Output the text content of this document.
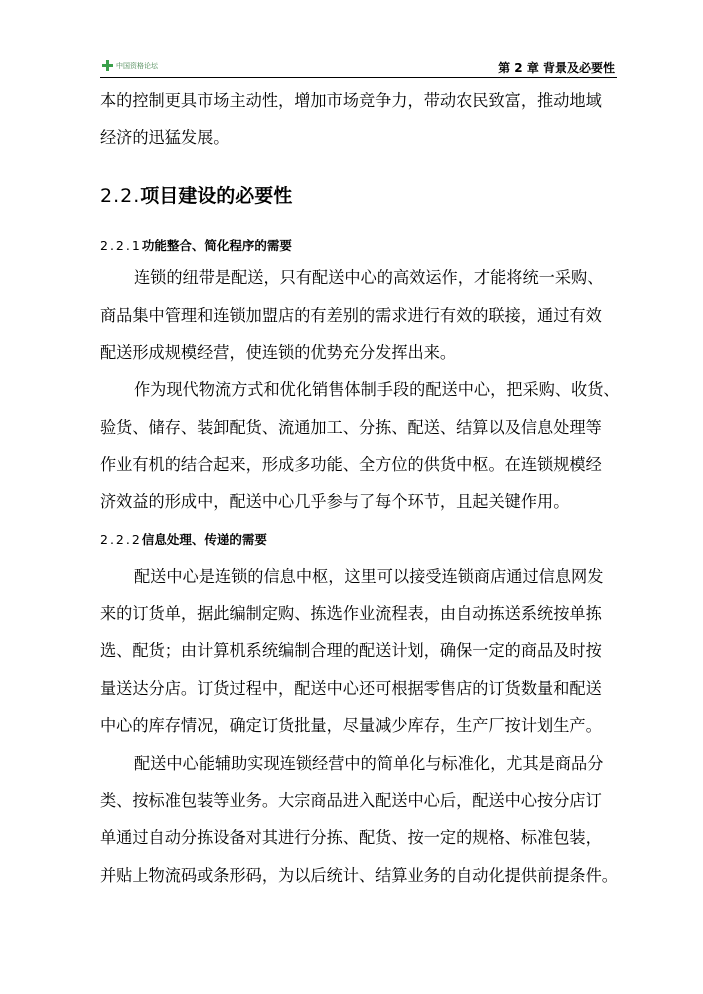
中国资格论坛	第 2 章 背景及必要性
本的控制更具市场主动性，增加市场竞争力，带动农民致富，推动地域
经济的迅猛发展。
2.2.项目建设的必要性
2.2.1功能整合、简化程序的需要
连锁的纽带是配送，只有配送中心的高效运作，才能将统一采购、
商品集中管理和连锁加盟店的有差别的需求进行有效的联接，通过有效
配送形成规模经营，使连锁的优势充分发挥出来。
作为现代物流方式和优化销售体制手段的配送中心，把采购、收货、
验货、储存、装卸配货、流通加工、分拣、配送、结算以及信息处理等
作业有机的结合起来，形成多功能、全方位的供货中枢。在连锁规模经
济效益的形成中，配送中心几乎参与了每个环节，且起关键作用。
2.2.2信息处理、传递的需要
配送中心是连锁的信息中枢，这里可以接受连锁商店通过信息网发
来的订货单，据此编制定购、拣选作业流程表，由自动拣送系统按单拣
选、配货；由计算机系统编制合理的配送计划，确保一定的商品及时按
量送达分店。订货过程中，配送中心还可根据零售店的订货数量和配送
中心的库存情况，确定订货批量，尽量减少库存，生产厂按计划生产。
配送中心能辅助实现连锁经营中的简单化与标准化，尤其是商品分
类、按标准包装等业务。大宗商品进入配送中心后，配送中心按分店订
单通过自动分拣设备对其进行分拣、配货、按一定的规格、标准包装，
并贴上物流码或条形码，为以后统计、结算业务的自动化提供前提条件。
